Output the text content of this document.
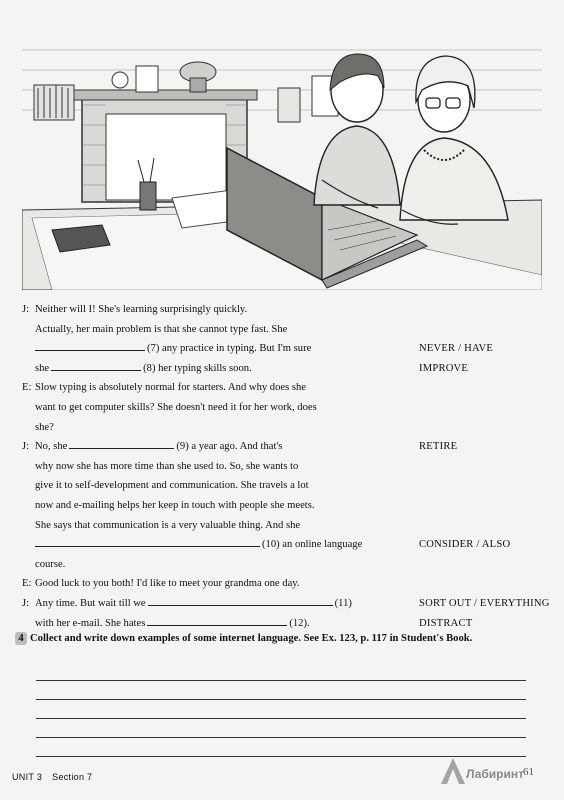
J: Neither will I! She's learning surprisingly quickly.
Actually, her main problem is that she cannot type fast. She
(7) any practice in typing. But I'm sure	NEVER / HAVE
she	(8) her typing skills soon.	IMPROVE
E: Slow typing is absolutely normal for starters. And why does she
want to get computer skills? She doesn't need it for her work, does
she?
J: No, she	(9) a year ago. And that's	RETIRE
why now she has more time than she used to. So, she wants to
give it to self-development and communication. She travels a lot
now and e-mailing helps her keep in touch with people she meets.
She says that communication is a very valuable thing. And she
(10) an online language	CONSIDER / ALSO
course.
E: Good luck to you both! I'd like to meet your grandma one day.
J: Any time. But wait till we	(11)	SORT OUT / EVERYTHING
with her e-mail. She hates	(12).	DISTRACT
4 Collect and write down examples of some internet language. See Ex. 123, p. 117 in Student's Book.
UNIT 3 Section 7	Лабиринт
61
